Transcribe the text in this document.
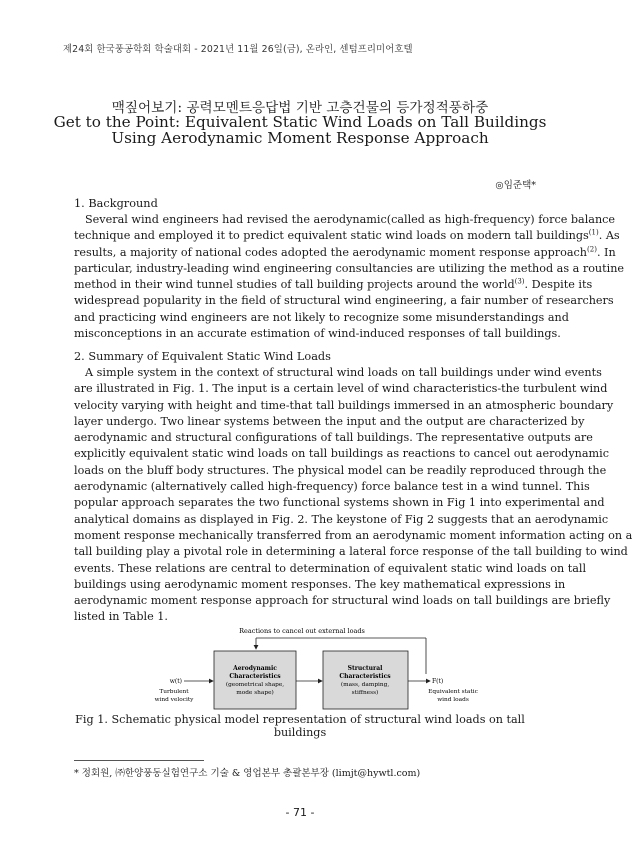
제24회 한국풍공학회 학술대회 - 2021년 11월 26일(금), 온라인, 센텀프리미어호텔
맥짚어보기: 공력모멘트응답법 기반 고층건물의 등가정적풍하중
Get to the Point: Equivalent Static Wind Loads on Tall Buildings
Using Aerodynamic Moment Response Approach
◎임준택*
1. Background
Several wind engineers had revised the aerodynamic(called as high-frequency) force balance
technique and employed it to predict equivalent static wind loads on modern tall buildings$^{(1)}$. As
results, a majority of national codes adopted the aerodynamic moment response approach$^{(2)}$. In
particular, industry-leading wind engineering consultancies are utilizing the method as a routine
method in their wind tunnel studies of tall building projects around the world$^{(3)}$. Despite its
widespread popularity in the field of structural wind engineering, a fair number of researchers
and practicing wind engineers are not likely to recognize some misunderstandings and
misconceptions in an accurate estimation of wind-induced responses of tall buildings.
2. Summary of Equivalent Static Wind Loads
A simple system in the context of structural wind loads on tall buildings under wind events
are illustrated in Fig. 1. The input is a certain level of wind characteristics-the turbulent wind
velocity varying with height and time-that tall buildings immersed in an atmospheric boundary
layer undergo. Two linear systems between the input and the output are characterized by
aerodynamic and structural configurations of tall buildings. The representative outputs are
explicitly equivalent static wind loads on tall buildings as reactions to cancel out aerodynamic
loads on the bluff body structures. The physical model can be readily reproduced through the
aerodynamic (alternatively called high-frequency) force balance test in a wind tunnel. This
popular approach separates the two functional systems shown in Fig 1 into experimental and
analytical domains as displayed in Fig. 2. The keystone of Fig 2 suggests that an aerodynamic
moment response mechanically transferred from an aerodynamic moment information acting on a
tall building play a pivotal role in determining a lateral force response of the tall building to wind
events. These relations are central to determination of equivalent static wind loads on tall
buildings using aerodynamic moment responses. The key mathematical expressions in
aerodynamic moment response approach for structural wind loads on tall buildings are briefly
listed in Table 1.
Reactions to cancel out external loads
Aerodynamic
Characteristics
(geometrical shape,
mode shape)
Structural
Characteristics
(mass, damping,
stiffness)
w(t)
Turbulent
wind velocity
F(t)
Equivalent static
wind loads
Fig 1. Schematic physical model representation of structural wind loads on tall buildings
* 정회원, ㈜한양풍동실험연구소 기술 & 영업본부 총괄본부장 (limjt@hywtl.com)
- 71 -
